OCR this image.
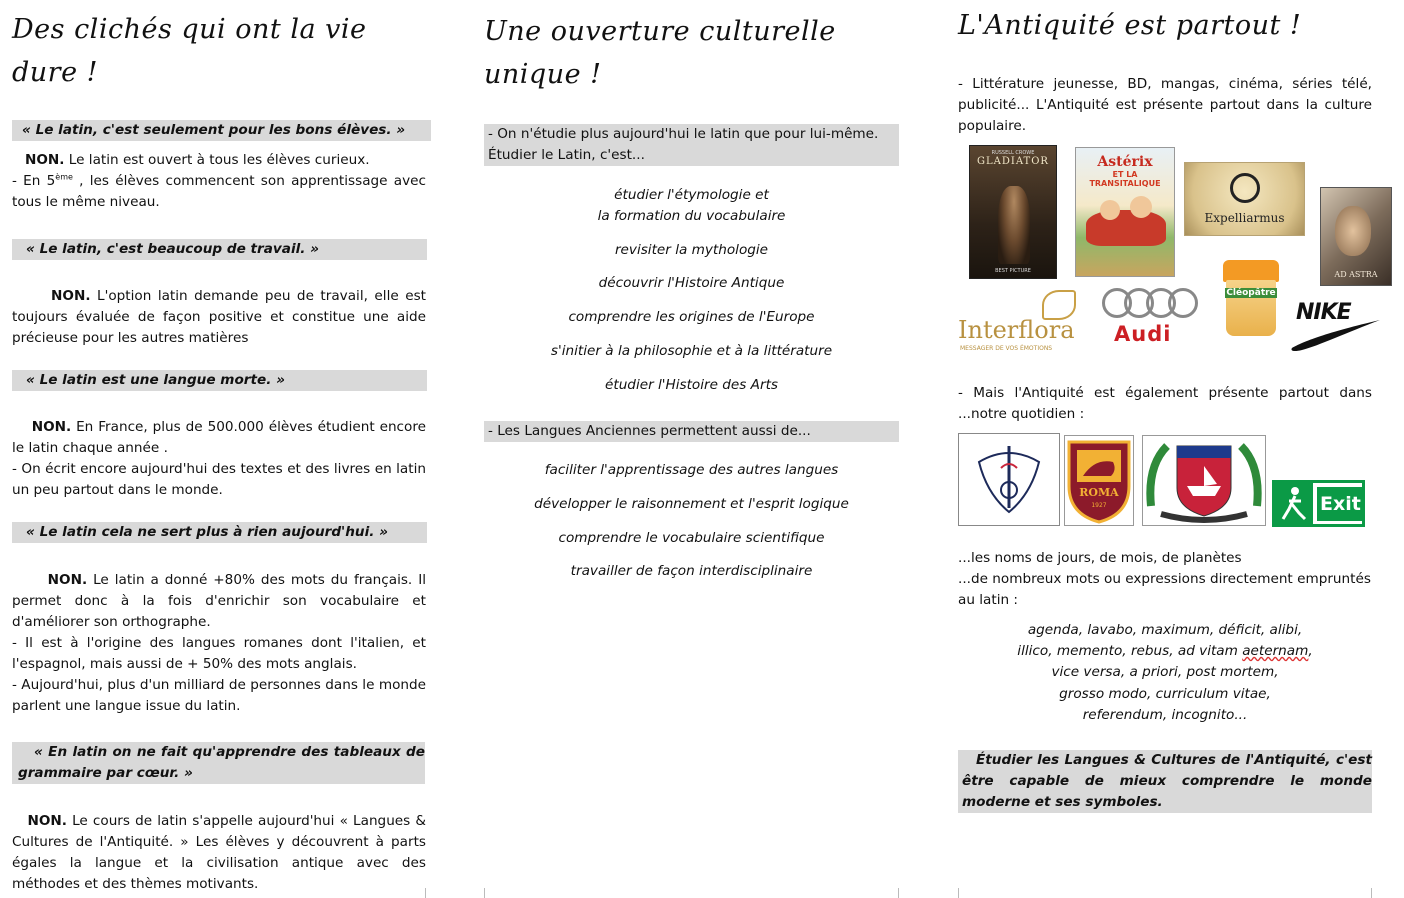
Des clichés qui ont la vie dure !
« Le latin, c'est seulement pour les bons élèves. »

NON. Le latin est ouvert à tous les élèves curieux.
- En 5ème , les élèves commencent son apprentissage avec tous le même niveau.

« Le latin, c'est beaucoup de travail. »

NON. L'option latin demande peu de travail, elle est toujours évaluée de façon positive et constitue une aide précieuse pour les autres matières

« Le latin est une langue morte. »

NON. En France, plus de 500.000 élèves étudient encore le latin chaque année .
- On écrit encore aujourd'hui des textes et des livres en latin un peu partout dans le monde.

« Le latin cela ne sert plus à rien aujourd'hui. »

NON. Le latin a donné +80% des mots du français. Il permet donc à la fois d'enrichir son vocabulaire et d'améliorer son orthographe.
- Il est à l'origine des langues romanes dont l'italien, et l'espagnol, mais aussi de + 50% des mots anglais.
- Aujourd'hui, plus d'un milliard de personnes dans le monde parlent une langue issue du latin.

« En latin on ne fait qu'apprendre des tableaux de grammaire par cœur. »

NON. Le cours de latin s'appelle aujourd'hui « Langues & Cultures de l'Antiquité. » Les élèves y découvrent à parts égales la langue et la civilisation antique avec des méthodes et des thèmes motivants.

Une ouverture culturelle unique !
- On n'étudie plus aujourd'hui le latin que pour lui-même. Étudier le Latin, c'est...
étudier l'étymologie et
la formation du vocabulaire
revisiter la mythologie
découvrir l'Histoire Antique
comprendre les origines de l'Europe
s'initier à la philosophie et à la littérature
étudier l'Histoire des Arts
- Les Langues Anciennes permettent aussi de...
faciliter l'apprentissage des autres langues
développer le raisonnement et l'esprit logique
comprendre le vocabulaire scientifique
travailler de façon interdisciplinaire
L'Antiquité est partout !

- Littérature jeunesse, BD, mangas, cinéma, séries télé, publicité... L'Antiquité est présente partout dans la culture populaire.

RUSSELL CROWE
GLADIATOR
BEST PICTURE
Astérix
ET LA TRANSITALIQUE
Expelliarmus
AD ASTRA
Interflora
MESSAGER DE VOS ÉMOTIONS
Audi
Cléopâtre
NIKE

- Mais l'Antiquité est également présente partout dans ...notre quotidien :

ROMA
1927	Exit

...les noms de jours, de mois, de planètes
...de nombreux mots ou expressions directement empruntés au latin :

agenda, lavabo, maximum, déficit, alibi,
illico, memento, rebus, ad vitam aeternam,
vice versa, a priori, post mortem,
grosso modo, curriculum vitae,
referendum, incognito...
Étudier les Langues & Cultures de l'Antiquité, c'est être capable de mieux comprendre le monde moderne et ses symboles.
